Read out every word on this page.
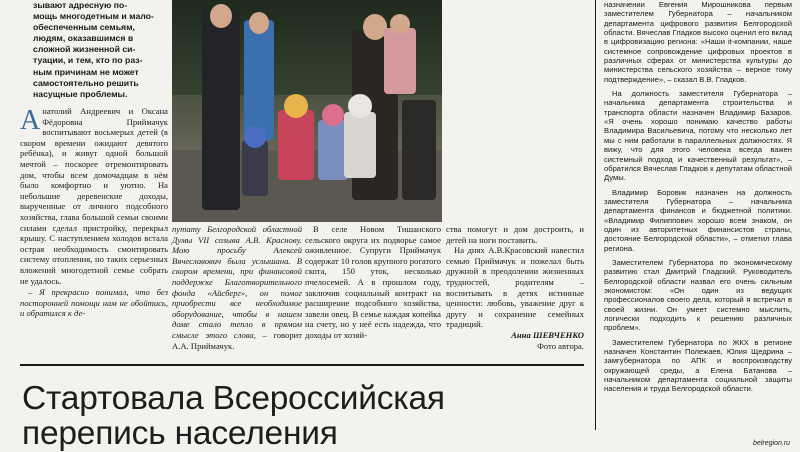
зывают адресную по-

мощь многодетным и мало-

обеспеченным семьям,

людям, оказавшимся в

сложной жизненной си-

туации, и тем, кто по раз-

ным причинам не может

самостоятельно решить

насущные проблемы.

А натолий Андреевич и Оксана Фёдоровна Приймачук воспитывают восьмерых детей (в скором времени ожидают девятого ребёнка), и живут одной большой мечтой – поскорее отремонтировать дом, чтобы всем домочадцам в нём было комфортно и уютно. На небольшие деревенские доходы, вырученные от личного подсобного хозяйства, глава большой семьи своими силами сделал пристройку, перекрыл крышу. С наступлением холодов встала острая необходимость смонтировать систему отопления, но таких серьезных вложений многодетной семье собрать не удалось.

– Я прекрасно понимал, что без посторонней помощи нам не обойтись, и обратился к де-

путату Белгородской областной Думы VII созыва А.В. Краснову. Мою просьбу Алексей Вячеславович была услышана. В скором времени, при финансовой поддержке Благотворительного фонда «Айсберг», он помог приобрести все необходимое оборудование, чтобы в нашем доме стало тепло в прямом смысле этого слова, – говорит А.А. Приймачук.

В селе Новом Тишанского сельского округа их подворье самое оживленное. Супруги Приймачук содержат 10 голов крупного рогатого скота, 150 уток, несколько пчелосемей. А в прошлом году, заключив социальный контракт на расширение подсобного хозяйства, завели овец. В семье каждая копейка на счету, но у неё есть надежда, что доходы от хозяй-

ства помогут и дом достроить, и детей на ноги поставить.

На днях А.В.Красовский навестил семью Приймачук и пожелал быть дружной в преодолении жизненных трудностей, родителям – воспитывать в детях истинные ценности: любовь, уважение друг к другу и сохранение семейных традиций.

Анна ШЕВЧЕНКО

Фото автора.

Стартовала Всероссийская

перепись населения

назначении Евгения Мирошникова первым заместителем Губернатора – начальником департамента цифрового развития Белгородской области. Вячеслав Гладков высоко оценил его вклад в цифровизацию региона: «Наши it-компании, наше системное сопровождение цифровых проектов в различных сферах от министерства культуры до министерства сельского хозяйства – верное тому подтверждение», – сказал В.В. Гладков.

На должность заместителя Губернатора – начальника департамента строительства и транспорта области назначен Владимир Базаров. «Я очень хорошо понимаю качество работы Владимира Васильевича, потому что несколько лет мы с ним работали в параллельных должностях. Я вижу, что для этого человека всегда важен системный подход и качественный результат», – обратился Вячеслав Гладков к депутатам областной Думы.

Владимир Боровик назначен на должность заместителя Губернатора – начальника департамента финансов и бюджетной политики. «Владимир Филиппович хорошо всем знаком, он один из авторитетных финансистов страны, достояние Белгородской области», – отметил глава региона.

Заместителем Губернатора по экономическому развитию стал Дмитрий Гладский. Руководитель Белгородской области назвал его очень сильным экономистом: «Он один из ведущих профессионалов своего дела, который я встречал в своей жизни. Он умеет системно мыслить, логически подходить к решению различных проблем».

Заместителем Губернатора по ЖКХ в регионе назначен Константин Полежаев, Юлия Щедрина – замгубернатора по АПК и воспроизводству окружающей среды, а Елена Батанова – начальником департамента социальной защиты населения и труда Белгородской области.

belregion.ru
